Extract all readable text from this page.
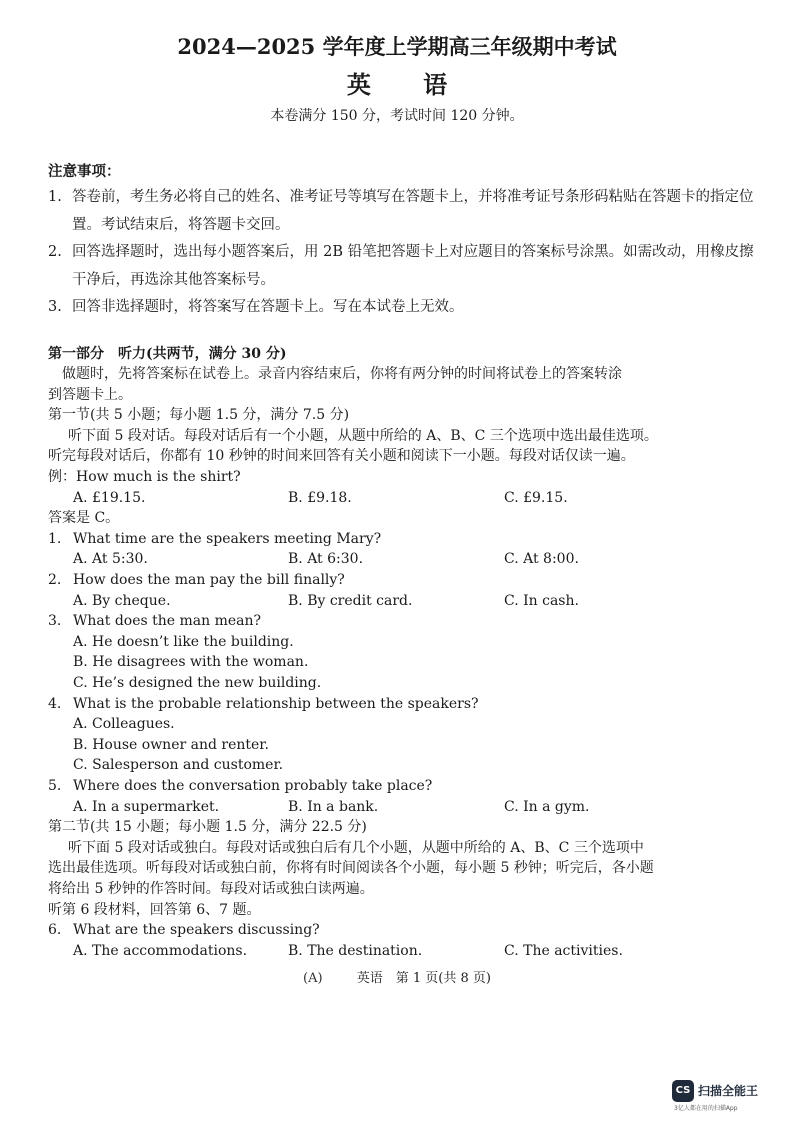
2024—2025 学年度上学期高三年级期中考试
英 语
本卷满分 150 分，考试时间 120 分钟。
注意事项：
1. 答卷前，考生务必将自己的姓名、准考证号等填写在答题卡上，并将准考证号条形码粘贴在答题卡的指定位置。考试结束后，将答题卡交回。
2. 回答选择题时，选出每小题答案后，用 2B 铅笔把答题卡上对应题目的答案标号涂黑。如需改动，用橡皮擦干净后，再选涂其他答案标号。
3. 回答非选择题时，将答案写在答题卡上。写在本试卷上无效。
第一部分　听力(共两节，满分 30 分)
做题时，先将答案标在试卷上。录音内容结束后，你将有两分钟的时间将试卷上的答案转涂
到答题卡上。
第一节(共 5 小题；每小题 1.5 分，满分 7.5 分)
听下面 5 段对话。每段对话后有一个小题，从题中所给的 A、B、C 三个选项中选出最佳选项。
听完每段对话后，你都有 10 秒钟的时间来回答有关小题和阅读下一小题。每段对话仅读一遍。
例：How much is the shirt?
A. £19.15.	B. £9.18.	C. £9.15.
答案是 C。
1. What time are the speakers meeting Mary?
A. At 5:30.	B. At 6:30.	C. At 8:00.
2. How does the man pay the bill finally?
A. By cheque.	B. By credit card.	C. In cash.
3. What does the man mean?
A. He doesn’t like the building.
B. He disagrees with the woman.
C. He’s designed the new building.
4. What is the probable relationship between the speakers?
A. Colleagues.
B. House owner and renter.
C. Salesperson and customer.
5. Where does the conversation probably take place?
A. In a supermarket.	B. In a bank.	C. In a gym.
第二节(共 15 小题；每小题 1.5 分，满分 22.5 分)
听下面 5 段对话或独白。每段对话或独白后有几个小题，从题中所给的 A、B、C 三个选项中
选出最佳选项。听每段对话或独白前，你将有时间阅读各个小题，每小题 5 秒钟；听完后，各小题
将给出 5 秒钟的作答时间。每段对话或独白读两遍。
听第 6 段材料，回答第 6、7 题。
6. What are the speakers discussing?
A. The accommodations.	B. The destination.	C. The activities.
(A)	英语　第 1 页(共 8 页)
CS 扫描全能王
3亿人都在用的扫描App
